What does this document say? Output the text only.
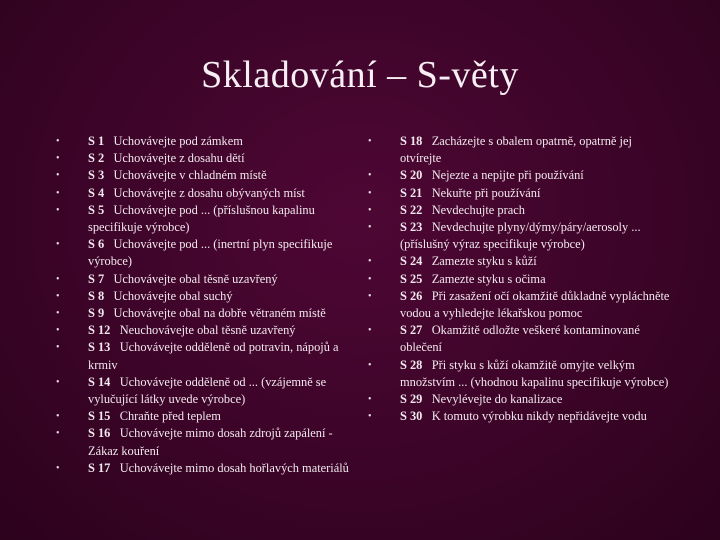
Skladování – S-věty
• S 1  Uchovávejte pod zámkem
• S 2  Uchovávejte z dosahu dětí
• S 3  Uchovávejte v chladném místě
• S 4  Uchovávejte z dosahu obývaných míst
• S 5  Uchovávejte pod ... (příslušnou kapalinu specifikuje výrobce)
• S 6  Uchovávejte pod ... (inertní plyn specifikuje výrobce)
• S 7  Uchovávejte obal těsně uzavřený
• S 8  Uchovávejte obal suchý
• S 9  Uchovávejte obal na dobře větraném místě
• S 12  Neuchovávejte obal těsně uzavřený
• S 13  Uchovávejte odděleně od potravin, nápojů a krmiv
• S 14  Uchovávejte odděleně od ... (vzájemně se vylučující látky uvede výrobce)
• S 15  Chraňte před teplem
• S 16  Uchovávejte mimo dosah zdrojů zapálení - Zákaz kouření
• S 17  Uchovávejte mimo dosah hořlavých materiálů
• S 18  Zacházejte s obalem opatrně, opatrně jej otvírejte
• S 20  Nejezte a nepijte při používání
• S 21  Nekuřte při používání
• S 22  Nevdechujte prach
• S 23  Nevdechujte plyny/dýmy/páry/aerosoly ... (příslušný výraz specifikuje výrobce)
• S 24  Zamezte styku s kůží
• S 25  Zamezte styku s očima
• S 26  Při zasažení očí okamžitě důkladně vypláchněte vodou a vyhledejte lékařskou pomoc
• S 27  Okamžitě odložte veškeré kontaminované oblečení
• S 28  Při styku s kůží okamžitě omyjte velkým množstvím ... (vhodnou kapalinu specifikuje výrobce)
• S 29  Nevylévejte do kanalizace
• S 30  K tomuto výrobku nikdy nepřidávejte vodu
